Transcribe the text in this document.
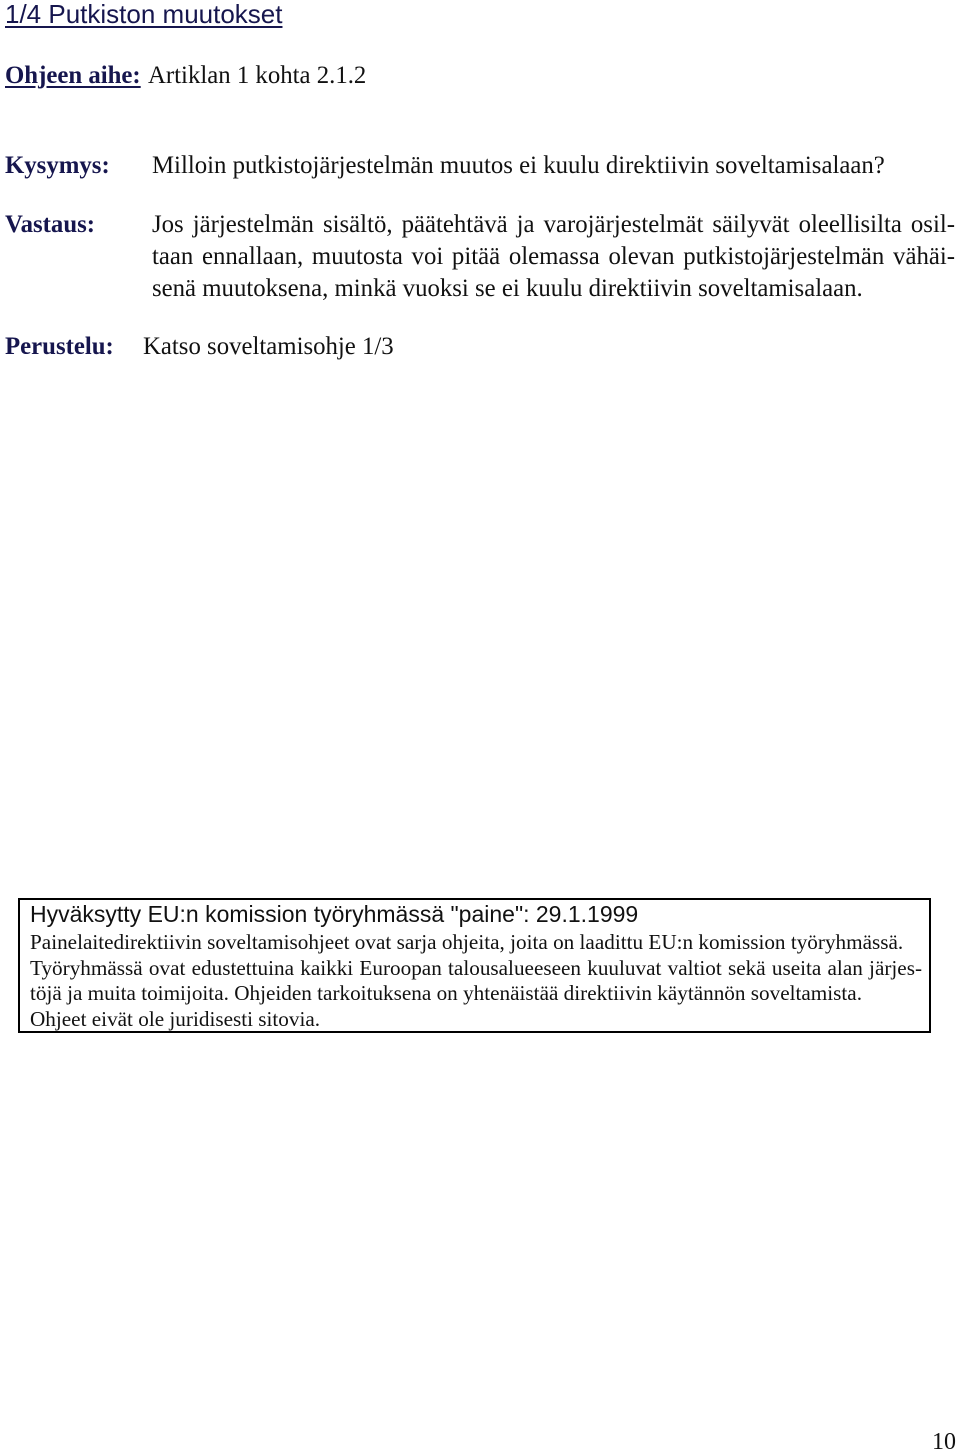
1/4 Putkiston muutokset
Ohjeen aihe: Artiklan 1 kohta 2.1.2
Kysymys: Milloin putkistojärjestelmän muutos ei kuulu direktiivin soveltamisalaan?
Vastaus: Jos järjestelmän sisältö, päätehtävä ja varojärjestelmät säilyvät oleellisilta osil-
taan ennallaan, muutosta voi pitää olemassa olevan putkistojärjestelmän vähäi-
senä muutoksena, minkä vuoksi se ei kuulu direktiivin soveltamisalaan.
Perustelu: Katso soveltamisohje 1/3
Hyväksytty EU:n komission työryhmässä "paine": 29.1.1999
Painelaitedirektiivin soveltamisohjeet ovat sarja ohjeita, joita on laadittu EU:n komission työryhmässä.
Työryhmässä ovat edustettuina kaikki Euroopan talousalueeseen kuuluvat valtiot sekä useita alan järjes-
töjä ja muita toimijoita. Ohjeiden tarkoituksena on yhtenäistää direktiivin käytännön soveltamista.
Ohjeet eivät ole juridisesti sitovia.
10
